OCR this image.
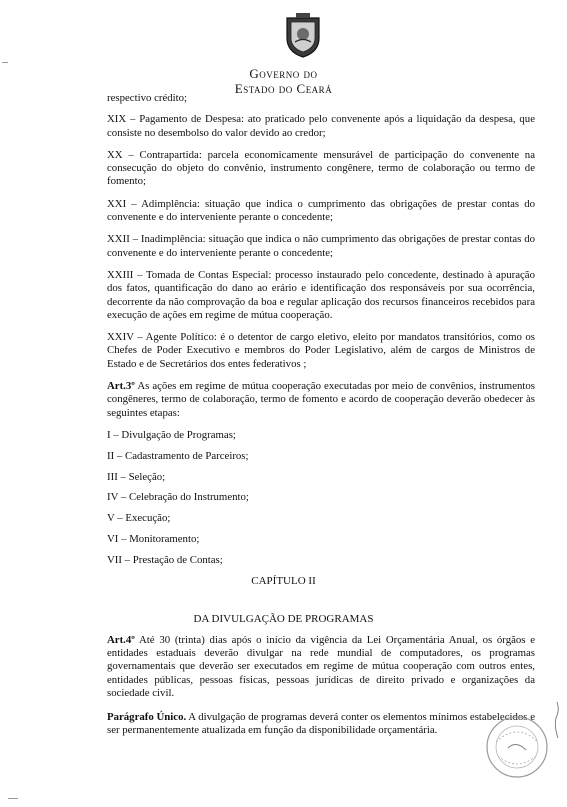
Governo do
Estado do Ceará

respectivo crédito;

XIX – Pagamento de Despesa: ato praticado pelo convenente após a liquidação da despesa, que consiste no desembolso do valor devido ao credor;

XX – Contrapartida: parcela economicamente mensurável de participação do convenente na consecução do objeto do convênio, instrumento congênere, termo de colaboração ou termo de fomento;

XXI – Adimplência: situação que indica o cumprimento das obrigações de prestar contas do convenente e do interveniente perante o concedente;

XXII – Inadimplência: situação que indica o não cumprimento das obrigações de prestar contas do convenente e do interveniente perante o concedente;

XXIII – Tomada de Contas Especial: processo instaurado pelo concedente, destinado à apuração dos fatos, quantificação do dano ao erário e identificação dos responsáveis por sua ocorrência, decorrente da não comprovação da boa e regular aplicação dos recursos financeiros recebidos para execução de ações em regime de mútua cooperação.

XXIV – Agente Político: é o detentor de cargo eletivo, eleito por mandatos transitórios, como os Chefes de Poder Executivo e membros do Poder Legislativo, além de cargos de Ministros de Estado e de Secretários dos entes federativos ;

Art.3º As ações em regime de mútua cooperação executadas por meio de convênios, instrumentos congêneres, termo de colaboração, termo de fomento e acordo de cooperação deverão obedecer às seguintes etapas:

I – Divulgação de Programas;

II – Cadastramento de Parceiros;

III – Seleção;

IV – Celebração do Instrumento;

V – Execução;

VI – Monitoramento;

VII – Prestação de Contas;

CAPÍTULO II
DA DIVULGAÇÃO DE PROGRAMAS

Art.4º Até 30 (trinta) dias após o início da vigência da Lei Orçamentária Anual, os órgãos e entidades estaduais deverão divulgar na rede mundial de computadores, os programas governamentais que deverão ser executados em regime de mútua cooperação com outros entes, entidades públicas, pessoas físicas, pessoas jurídicas de direito privado e organizações da sociedade civil.

Parágrafo Único. A divulgação de programas deverá conter os elementos mínimos estabelecidos e ser permanentemente atualizada em função da disponibilidade orçamentária.
